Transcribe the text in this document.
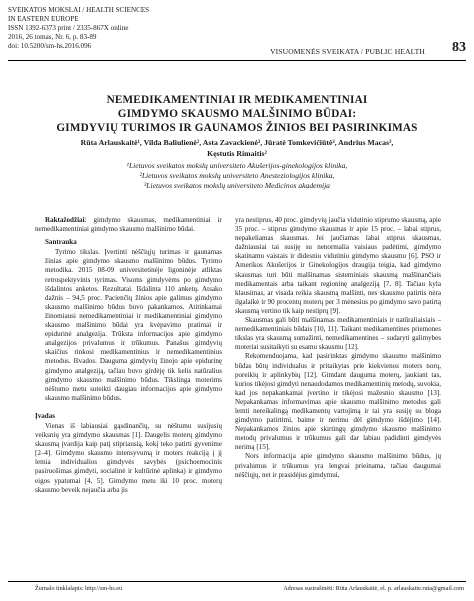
SVEIKATOS MOKSLAI / HEALTH SCIENCES
IN EASTERN EUROPE
ISSN 1392-6373 print / 2335-867X online
2016, 26 tomas, Nr. 6, p. 83-89
doi: 10.5200/sm-hs.2016.096
VISUOMENĖS SVEIKATA / PUBLIC HEALTH 83
NEMEDIKAMENTINIAI IR MEDIKAMENTINIAI
GIMDYMO SKAUSMO MALŠINIMO BŪDAI:
GIMDYVIŲ TURIMOS IR GAUNAMOS ŽINIOS BEI PASIRINKIMAS
Rūta Arlauskaitė¹, Vilda Baliulienė², Asta Zavackienė³, Jūratė Tomkevičiūtė³, Andrius Macas²,
Kęstutis Rimaitis²
¹Lietuvos sveikatos mokslų universiteto Akušerijos-ginekologijos klinika,
²Lietuvos sveikatos mokslų universiteto Anesteziologijos klinika,
³Lietuvos sveikatos mokslų universiteto Medicinos akademija

Raktažodžiai: gimdymo skausmas, medikamentiniai ir nemedikamentiniai gimdymo skausmo malšinimo būdai.

Santrauka

Tyrimo tikslas. Įvertinti nėščiųjų turimas ir gaunamas žinias apie gimdymo skausmo malšinimo būdus. Tyrimo metodika. 2015 08-09 universitetinėje ligoninėje atliktas retrospektyvinis tyrimas. Visoms gimdyvėms po gimdymo išdalintos anketos. Rezultatai. Išdalinta 110 anketų. Atsako dažnis – 94,5 proc. Pacienčių žinios apie galimus gimdymo skausmo malšinimo būdus buvo pakankamos. Atitinkamai žinomiausi nemedikamentiniai ir medikamentiniai gimdymo skausmo malšinimo būdai yra kvėpavimo pratimai ir epidurinė analgezija. Trūksta informacijos apie gimdymo analgezijos privalumus ir trūkumus. Panašus gimdyvių skaičius rinkosi medikamentinius ir nemedikamentinius metodus. Išvados. Dauguma gimdyvių žinojo apie epidurinę gimdymo analgeziją, tačiau buvo girdėję tik kelis natūralius gimdymo skausmo malšinimo būdus. Tikslinga moterims nėštumo metu suteikti daugiau informacijos apie gimdymo skausmo malšinimo būdus.

Įvadas

Vienas iš labiausiai gąsdinančių, su nėštumu susijusių veiksnių yra gimdymo skausmas [1]. Daugelis moterų gimdymo skausmą įvardija kaip patį stipriausią, kokį teko patirti gyvenime [2–4]. Gimdymo skausmo intensyvumą ir moters reakciją į jį lemia individualios gimdyvės savybės (psichoemocinis pasiruošimas gimdyti, socialinė ir kultūrinė aplinka) ir gimdymo eigos ypatumai [4, 5]. Gimdymo metu iki 10 proc. moterų skausmo beveik nejaučia arba jis

yra nestiprus, 40 proc. gimdyvių jaučia vidutinio stiprumo skausmą, apie 35 proc. – stiprus gimdymo skausmas ir apie 15 proc. – labai stiprus, nepakeliamas skausmas. Jei jaučiamas labai stiprus skausmas, dažniausiai tai susiję su nenormalia vaisiaus padėtimi, gimdymo skatinamu vaistais ir didesniu vidutiniu gimdymo skausmu [6]. PSO ir Amerikos Akušerijos ir Ginekologijos draugija teigia, kad gimdymo skausmas turi būti malšinamas sisteminiais skausmą malšinančiais medikamentais arba taikant regioninę analgeziją [7, 8]. Tačiau kyla klausimas, ar visada reikia skausmą malšinti, nes skausmo patirtis nėra ilgalaikė ir 90 procentų moterų per 3 mėnesius po gimdymo savo patirtą skausmą vertino tik kaip nestiprų [9].

Skausmas gali būti malšinamas medikamentiniais ir natūraliaisiais – nemedikamentiniais būdais [10, 11]. Taikant medikamentines priemones tikslas yra skausmą sumažinti, nemedikamentines – sudaryti galimybes moteriai susitaikyti su esamu skausmu [12].

Rekomenduojama, kad pasirinktas gimdymo skausmo malšinimo būdas būtų individualus ir pritaikytas prie kiekvienos moters norų, poreikių ir aplinkybių [12]. Gimdant dauguma moterų, jaukiant tas, kurios tikėjosi gimdyti nenaudodamos medikamentinių metodų, suvokia, kad jos nepakankamai įvertino ir tikėjosi mažesnio skausmo [13]. Nepakankamas informavimas apie skausmo malšinimo metodus gali lemti nereikalingą medikamentų vartojimą ir tai yra susiję su bloga gimdymo patirtimi, baime ir nerimu dėl gimdymo išdėjimo [14]. Nepakankamos žinios apie skirtingų gimdymo skausmo malšinimo metodų privalumus ir trūkumus gali dar labiau padidinti gimdyvės nerimą [15].

Nors informacija apie gimdymo skausmo malšinimo būdus, jų privalumus ir trūkumus yra lengvai prieinama, tačiau daugumai nėščiųjų, net ir prasidėjus gimdymui,

Žurnalo tinklalapis: http://sm-hs.eu	Adresas susirašinėti: Rūta Arlauskaitė, el. p. arlauskaite.ruta@gmail.com
